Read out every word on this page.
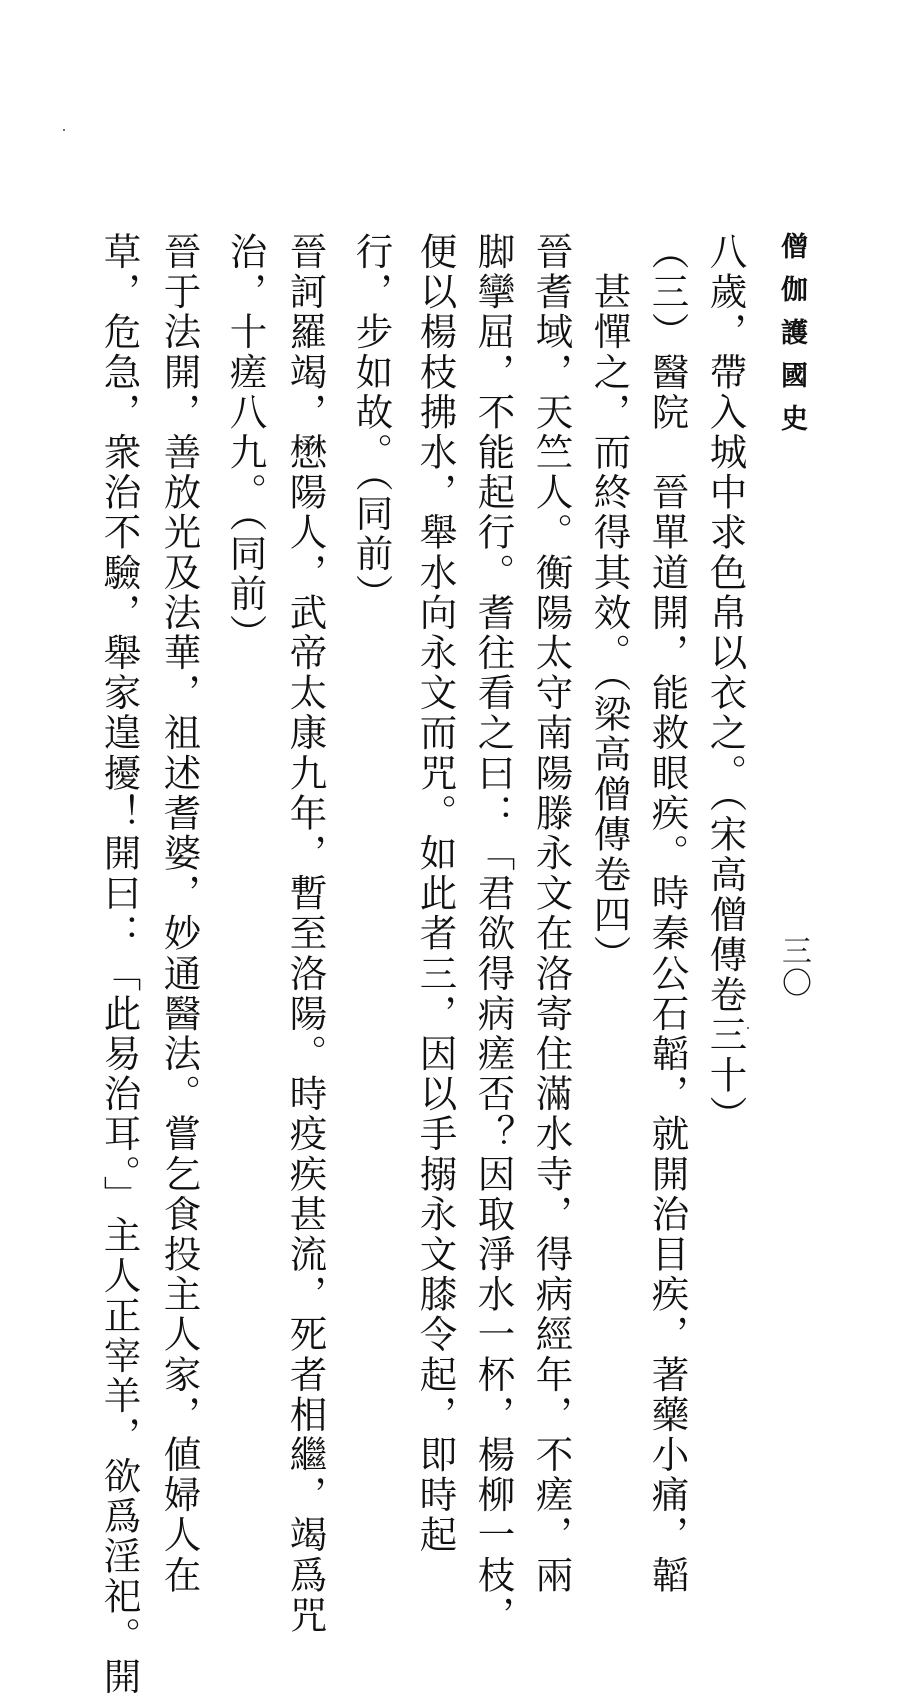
僧伽護國史
三〇
八歲，帶入城中求色帛以衣之。（宋高僧傳卷三十）
（三）醫院　晉單道開，能救眼疾。時秦公石韜，就開治目疾，著藥小痛，韜
　甚憚之，而終得其效。（梁高僧傳卷四）
晉耆域，天竺人。衡陽太守南陽滕永文在洛寄住滿水寺，得病經年，不瘥，兩
脚攣屈，不能起行。耆往看之曰：「君欲得病瘥否？因取淨水一杯，楊柳一枝，
便以楊枝拂水，舉水向永文而咒。如此者三，因以手搦永文膝令起，即時起
行，步如故。（同前）
晉訶羅竭，懋陽人，武帝太康九年，暫至洛陽。時疫疾甚流，死者相繼，竭爲咒
治，十瘥八九。（同前）
晉于法開，善放光及法華，祖述耆婆，妙通醫法。嘗乞食投主人家，値婦人在
草，危急，衆治不驗，舉家遑擾！開曰：「此易治耳。」主人正宰羊，欲爲淫祀。開
